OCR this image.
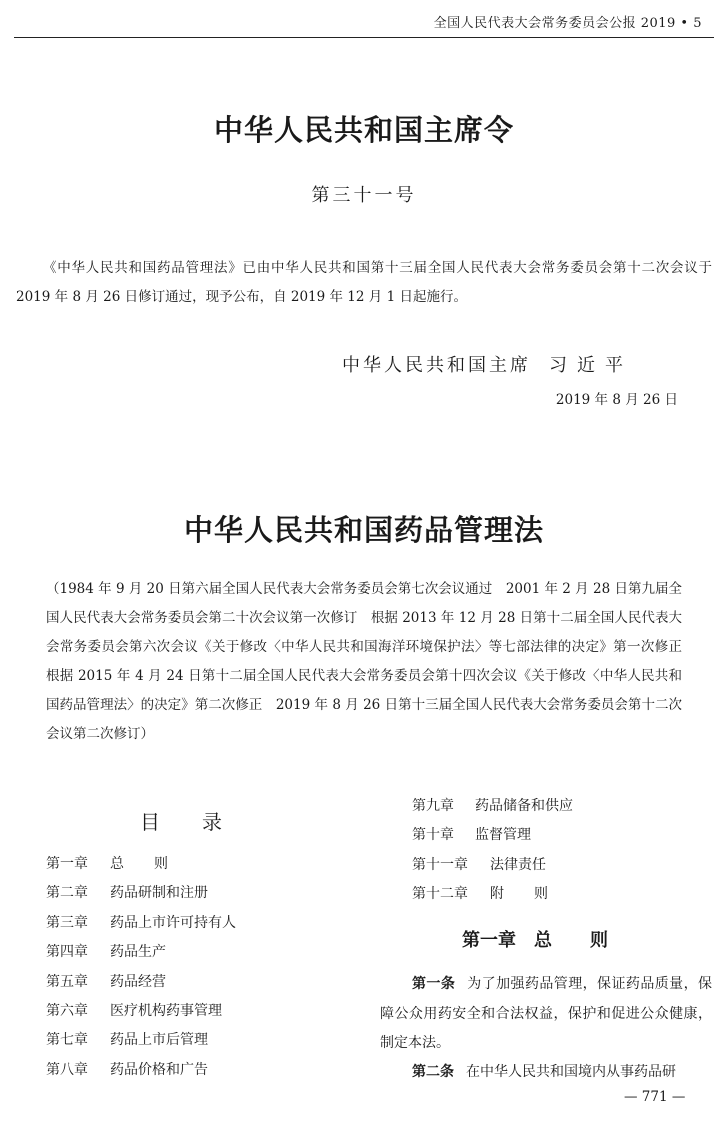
全国人民代表大会常务委员会公报 2019 • 5
中华人民共和国主席令
第三十一号

《中华人民共和国药品管理法》已由中华人民共和国第十三届全国人民代表大会常务委员会第十二次会议于 2019 年 8 月 26 日修订通过，现予公布，自 2019 年 12 月 1 日起施行。

中华人民共和国主席 习近平
2019 年 8 月 26 日
中华人民共和国药品管理法

（1984 年 9 月 20 日第六届全国人民代表大会常务委员会第七次会议通过　2001 年 2 月 28 日第九届全国人民代表大会常务委员会第二十次会议第一次修订　根据 2013 年 12 月 28 日第十二届全国人民代表大会常务委员会第六次会议《关于修改〈中华人民共和国海洋环境保护法〉等七部法律的决定》第一次修正　根据 2015 年 4 月 24 日第十二届全国人民代表大会常务委员会第十四次会议《关于修改〈中华人民共和国药品管理法〉的决定》第二次修正　2019 年 8 月 26 日第十三届全国人民代表大会常务委员会第十二次会议第二次修订）

目录
第一章 总则
第二章 药品研制和注册
第三章 药品上市许可持有人
第四章 药品生产
第五章 药品经营
第六章 医疗机构药事管理
第七章 药品上市后管理
第八章 药品价格和广告
第九章 药品储备和供应
第十章 监督管理
第十一章 法律责任
第十二章 附则
第一章 总则

第一条 为了加强药品管理，保证药品质量，保障公众用药安全和合法权益，保护和促进公众健康，制定本法。

第二条 在中华人民共和国境内从事药品研

— 771 —
